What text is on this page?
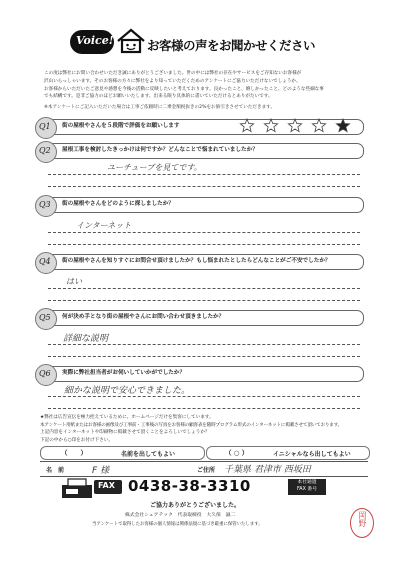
Voice!	お客様の声をお聞かせください
この度は弊社にお問い合わせいただき誠にありがとうございました。世の中には弊社の存在やサービスをご存知ないお客様が
沢山いらっしゃいます。そのお客様の方々に弊社をより知っていただくためのアンケートにご協力いただけないでしょうか。
お客様からいただいたご意見や感想を今後の活動に反映したいと考えております。良かったこと、嬉しかったこと、どのような些細な事
でも結構です。是非ご協力のほどお願いいたします。出来る限り具体的に書いていただけるとありがたいです。
※本アンケートにご記入いただいた場合は工事ご依頼時に二乗金額税抜きの2%をお値引きさせていただきます。
Q1 街の屋根やさんを５段階で評価をお願いします
Q2 屋根工事を検討したきっかけは何ですか？どんなことで悩まれていましたか？
ユーチューブを見てです。
Q3 街の屋根やさんをどのように探しましたか？
インターネット
Q4 街の屋根やさんを知りすぐにお問合せ頂けましたか？もし悩まれたとしたらどんなことがご不安でしたか？
はい
Q5 何が決め手となり街の屋根やさんにお問い合わせ頂きましたか？
詳細な説明
Q6 実際に弊社担当者がお伺いしていかがでしたか？
細かな説明で安心できました。
★弊社は広告宣伝を極力控えているために、ホームページだけを集客にしています。
本アンケート用紙またはお客様の画像及び工事前・工事後の写真をお客様の顧客表を随時プログラム形式のインターネットに掲載させて頂いております。
上記内容をインターネットや印刷物に掲載させて頂くことをよろしいでしょうか？
下記の中から○印をお付け下さい。
（　　）	名前を出してもよい	（ ○ ）	イニシャルなら出してもよい
名　前	F 様	ご住所 千葉県 君津市 西坂田
FAX 0438-38-3310	本社通過
FAX 番号
ご協力ありがとうございました。
株式会社シュアテック　代表取締役　大久保　誠二
当アンケートで取得したお客様の個人情報は関係法規に基づき厳重に保管いたします。	岡野
